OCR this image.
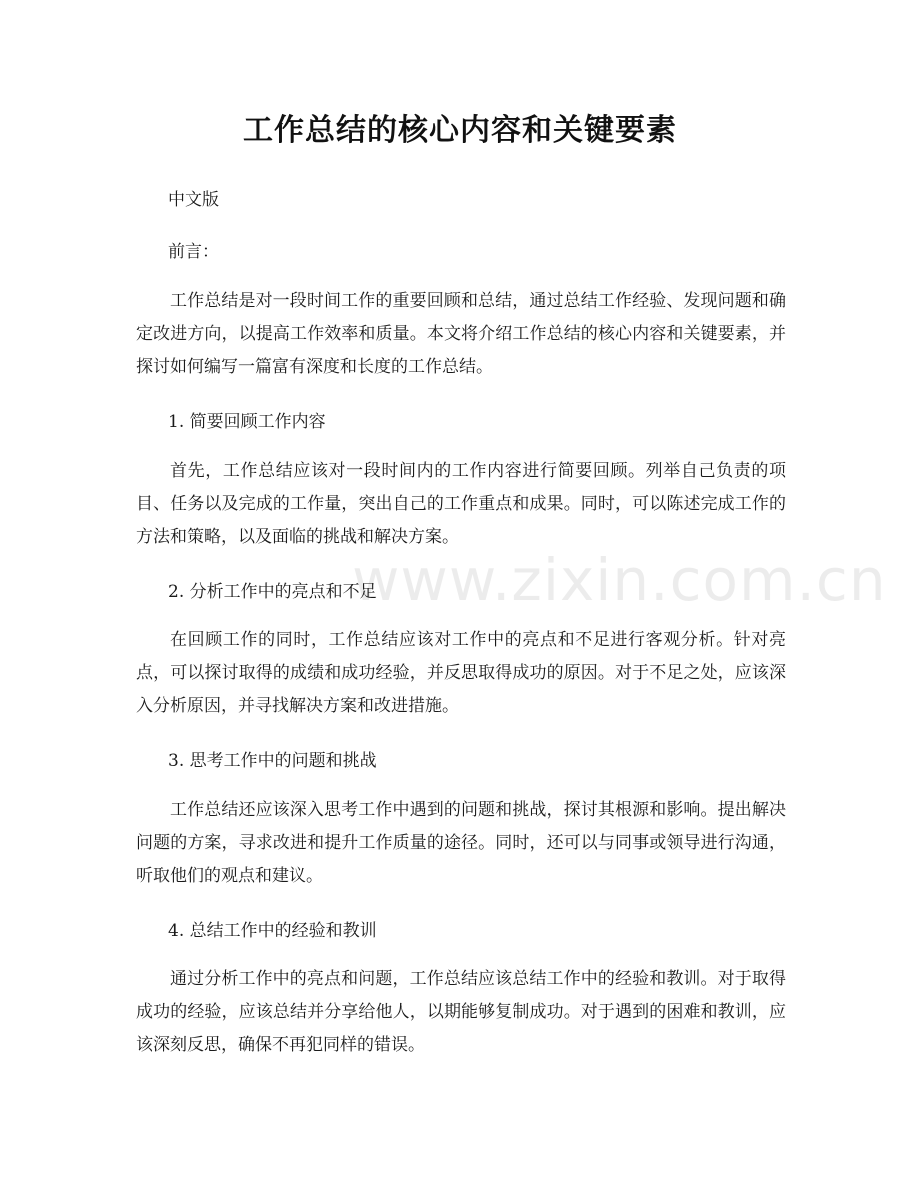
工作总结的核心内容和关键要素
中文版
前言：
工作总结是对一段时间工作的重要回顾和总结，通过总结工作经验、发现问题和确定改进方向，以提高工作效率和质量。本文将介绍工作总结的核心内容和关键要素，并探讨如何编写一篇富有深度和长度的工作总结。
1. 简要回顾工作内容
首先，工作总结应该对一段时间内的工作内容进行简要回顾。列举自己负责的项目、任务以及完成的工作量，突出自己的工作重点和成果。同时，可以陈述完成工作的方法和策略，以及面临的挑战和解决方案。
2. 分析工作中的亮点和不足
在回顾工作的同时，工作总结应该对工作中的亮点和不足进行客观分析。针对亮点，可以探讨取得的成绩和成功经验，并反思取得成功的原因。对于不足之处，应该深入分析原因，并寻找解决方案和改进措施。
3. 思考工作中的问题和挑战
工作总结还应该深入思考工作中遇到的问题和挑战，探讨其根源和影响。提出解决问题的方案，寻求改进和提升工作质量的途径。同时，还可以与同事或领导进行沟通，听取他们的观点和建议。
4. 总结工作中的经验和教训
通过分析工作中的亮点和问题，工作总结应该总结工作中的经验和教训。对于取得成功的经验，应该总结并分享给他人，以期能够复制成功。对于遇到的困难和教训，应该深刻反思，确保不再犯同样的错误。
www.zixin.com.cn
